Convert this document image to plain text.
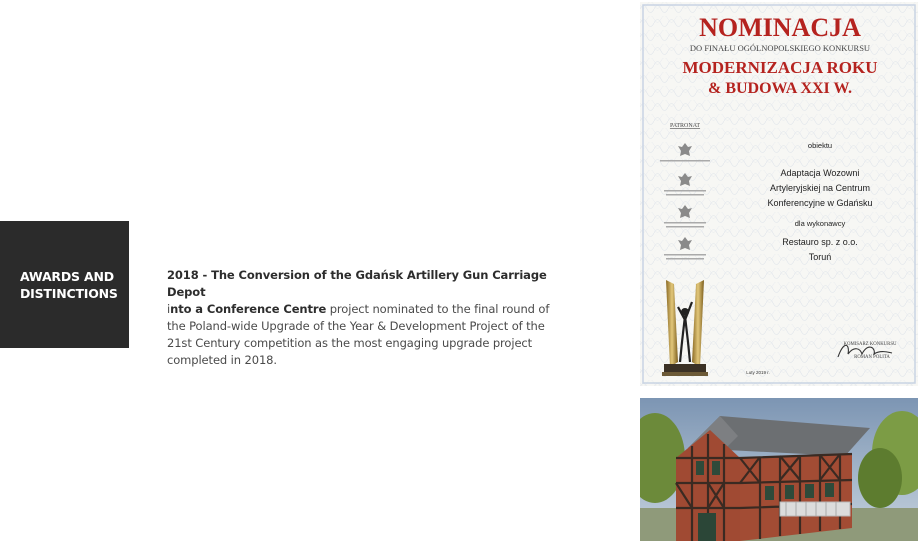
AWARDS AND
DISTINCTIONS
2018 - The Conversion of the Gdańsk Artillery Gun Carriage Depot
into a Conference Centre project nominated to the final round of the Poland-wide Upgrade of the Year & Development Project of the 21st Century competition as the most engaging upgrade project completed in 2018.
NOMINACJA
DO FINAŁU OGÓLNOPOLSKIEGO KONKURSU
MODERNIZACJA ROKU
& BUDOWA XXI W.
PATRONAT
obiektu
Adaptacja Wozowni
Artyleryjskiej na Centrum
Konferencyjne w Gdańsku
dla wykonawcy
Restauro sp. z o.o.
Toruń
Luty 2019 r.
KOMISARZ KONKURSU
ROMAN POLITA
